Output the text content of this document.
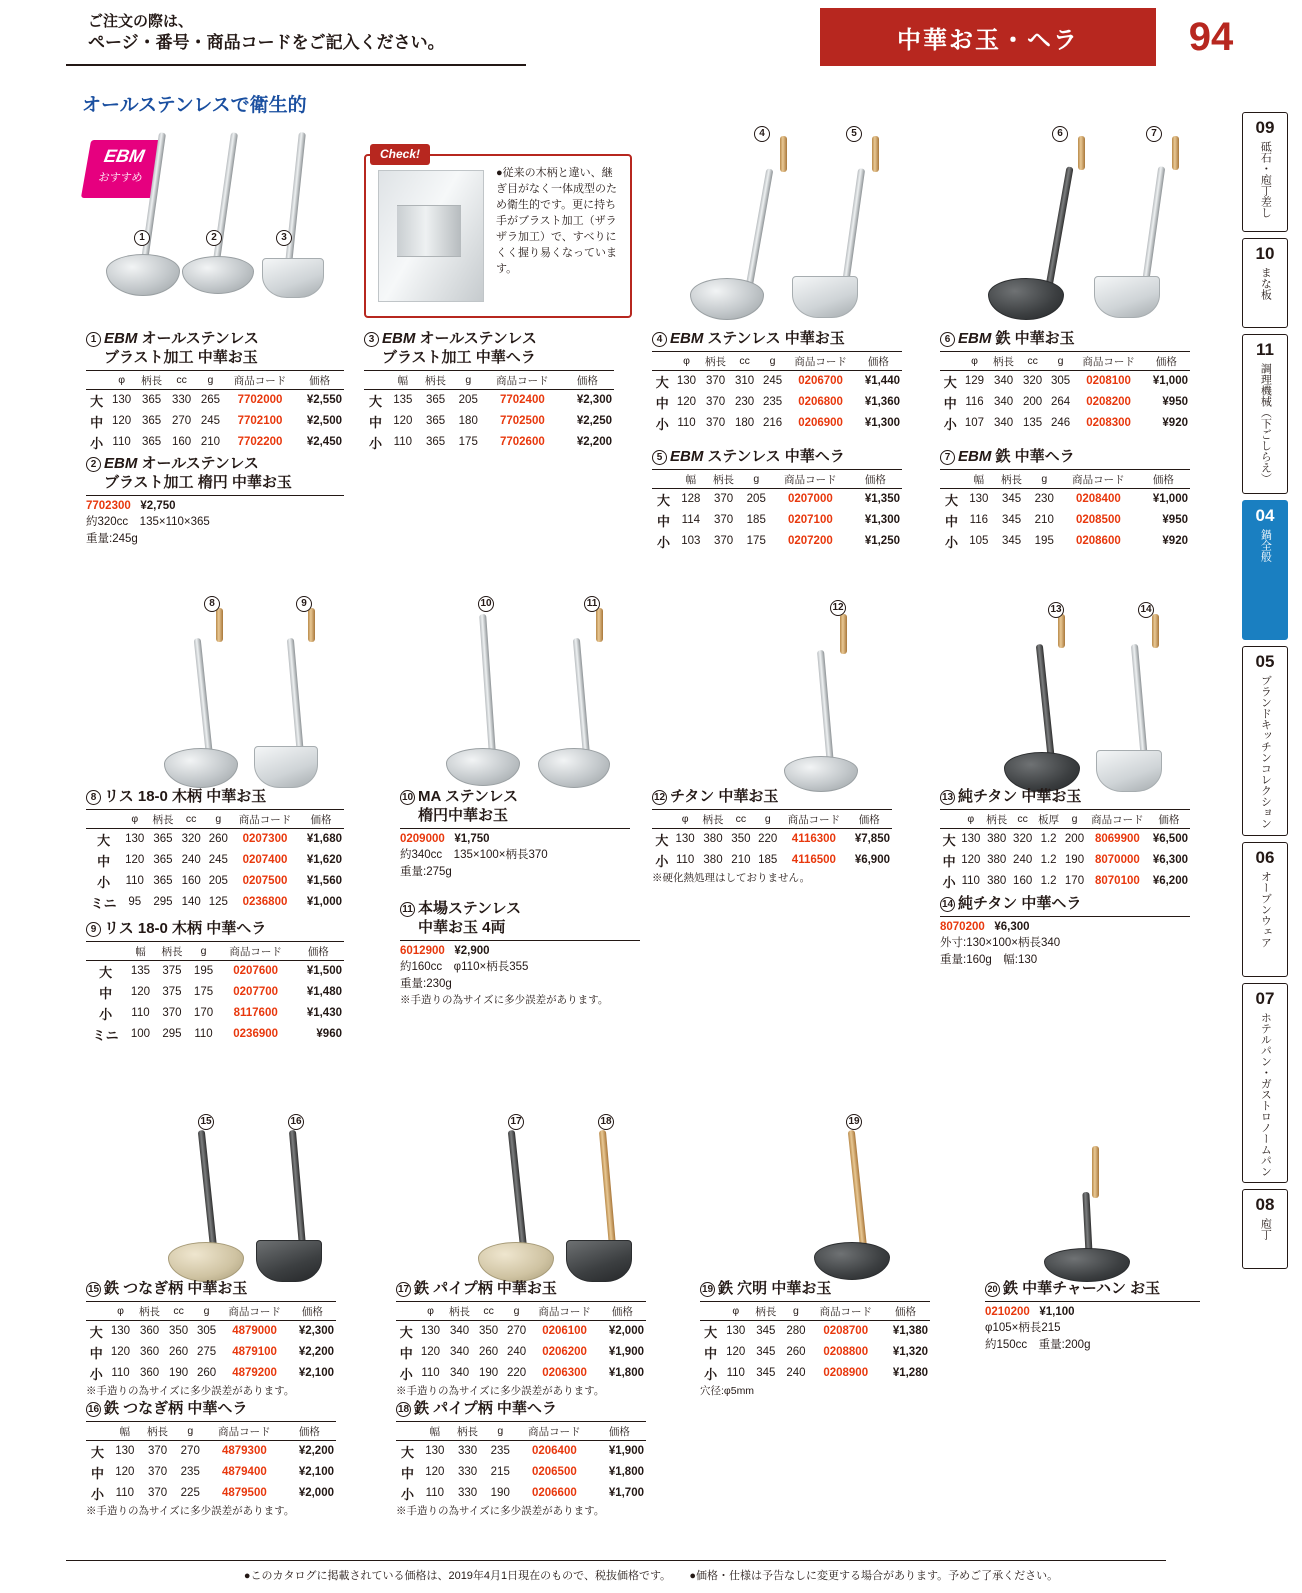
ご注文の際は、
ページ・番号・商品コードをご記入ください。	中華お玉・ヘラ	94
オールステンレスで衛生的
09
砥石・庖丁差し
10
まな板
11
調理機械（下ごしらえ）
04
鍋全般
05
ブランドキッチンコレクション
06
オーブンウェア
07
ホテルパン・ガストロノームパン
08
庖丁
EBM
おすすめ
Check!
●従来の木柄と違い、継ぎ目がなく一体成型のため衛生的です。更に持ち手がブラスト加工（ザラザラ加工）で、すべりにくく握り易くなっています。
1	2	3
4	5	6	7
1 EBM オールステンレス
ブラスト加工 中華お玉
	φ	柄長	cc	g	商品コード	価格
大	130	365	330	265	7702000	¥2,550
中	120	365	270	245	7702100	¥2,500
小	110	365	160	210	7702200	¥2,450
2 EBM オールステンレス
ブラスト加工 楕円 中華お玉
7702300 ¥2,750
約320cc　135×110×365
重量:245g
3 EBM オールステンレス
ブラスト加工 中華ヘラ
	幅	柄長	g	商品コード	価格
大	135	365	205	7702400	¥2,300
中	120	365	180	7702500	¥2,250
小	110	365	175	7702600	¥2,200
4 EBM ステンレス 中華お玉
	φ	柄長	cc	g	商品コード	価格
大	130	370	310	245	0206700	¥1,440
中	120	370	230	235	0206800	¥1,360
小	110	370	180	216	0206900	¥1,300
5 EBM ステンレス 中華ヘラ
	幅	柄長	g	商品コード	価格
大	128	370	205	0207000	¥1,350
中	114	370	185	0207100	¥1,300
小	103	370	175	0207200	¥1,250
6 EBM 鉄 中華お玉
	φ	柄長	cc	g	商品コード	価格
大	129	340	320	305	0208100	¥1,000
中	116	340	200	264	0208200	¥950
小	107	340	135	246	0208300	¥920
7 EBM 鉄 中華ヘラ
	幅	柄長	g	商品コード	価格
大	130	345	230	0208400	¥1,000
中	116	345	210	0208500	¥950
小	105	345	195	0208600	¥920
8	9	10	11	12	13	14
8 リス 18-0 木柄 中華お玉
	φ	柄長	cc	g	商品コード	価格
大	130	365	320	260	0207300	¥1,680
中	120	365	240	245	0207400	¥1,620
小	110	365	160	205	0207500	¥1,560
ミニ	95	295	140	125	0236800	¥1,000
9 リス 18-0 木柄 中華ヘラ
	幅	柄長	g	商品コード	価格
大	135	375	195	0207600	¥1,500
中	120	375	175	0207700	¥1,480
小	110	370	170	8117600	¥1,430
ミニ	100	295	110	0236900	¥960
10 MA ステンレス
楕円中華お玉
0209000 ¥1,750
約340cc　135×100×柄長370
重量:275g
11 本場ステンレス
中華お玉 4両
6012900 ¥2,900
約160cc　φ110×柄長355
重量:230g
※手造りの為サイズに多少誤差があります。
12 チタン 中華お玉
	φ	柄長	cc	g	商品コード	価格
大	130	380	350	220	4116300	¥7,850
小	110	380	210	185	4116500	¥6,900
※硬化熱処理はしておりません。
13 純チタン 中華お玉
	φ	柄長	cc	板厚	g	商品コード	価格
大	130	380	320	1.2	200	8069900	¥6,500
中	120	380	240	1.2	190	8070000	¥6,300
小	110	380	160	1.2	170	8070100	¥6,200
14 純チタン 中華ヘラ
8070200 ¥6,300
外寸:130×100×柄長340
重量:160g　幅:130
15	16	17	18	19
15 鉄 つなぎ柄 中華お玉
	φ	柄長	cc	g	商品コード	価格
大	130	360	350	305	4879000	¥2,300
中	120	360	260	275	4879100	¥2,200
小	110	360	190	260	4879200	¥2,100
※手造りの為サイズに多少誤差があります。
16 鉄 つなぎ柄 中華ヘラ
	幅	柄長	g	商品コード	価格
大	130	370	270	4879300	¥2,200
中	120	370	235	4879400	¥2,100
小	110	370	225	4879500	¥2,000
※手造りの為サイズに多少誤差があります。
17 鉄 パイプ柄 中華お玉
	φ	柄長	cc	g	商品コード	価格
大	130	340	350	270	0206100	¥2,000
中	120	340	260	240	0206200	¥1,900
小	110	340	190	220	0206300	¥1,800
※手造りの為サイズに多少誤差があります。
18 鉄 パイプ柄 中華ヘラ
	幅	柄長	g	商品コード	価格
大	130	330	235	0206400	¥1,900
中	120	330	215	0206500	¥1,800
小	110	330	190	0206600	¥1,700
※手造りの為サイズに多少誤差があります。
19 鉄 穴明 中華お玉
	φ	柄長	g	商品コード	価格
大	130	345	280	0208700	¥1,380
中	120	345	260	0208800	¥1,320
小	110	345	240	0208900	¥1,280
穴径:φ5mm
20 鉄 中華チャーハン お玉
0210200 ¥1,100
φ105×柄長215
約150cc　重量:200g
●このカタログに掲載されている価格は、2019年4月1日現在のもので、税抜価格です。 ●価格・仕様は予告なしに変更する場合があります。予めご了承ください。
